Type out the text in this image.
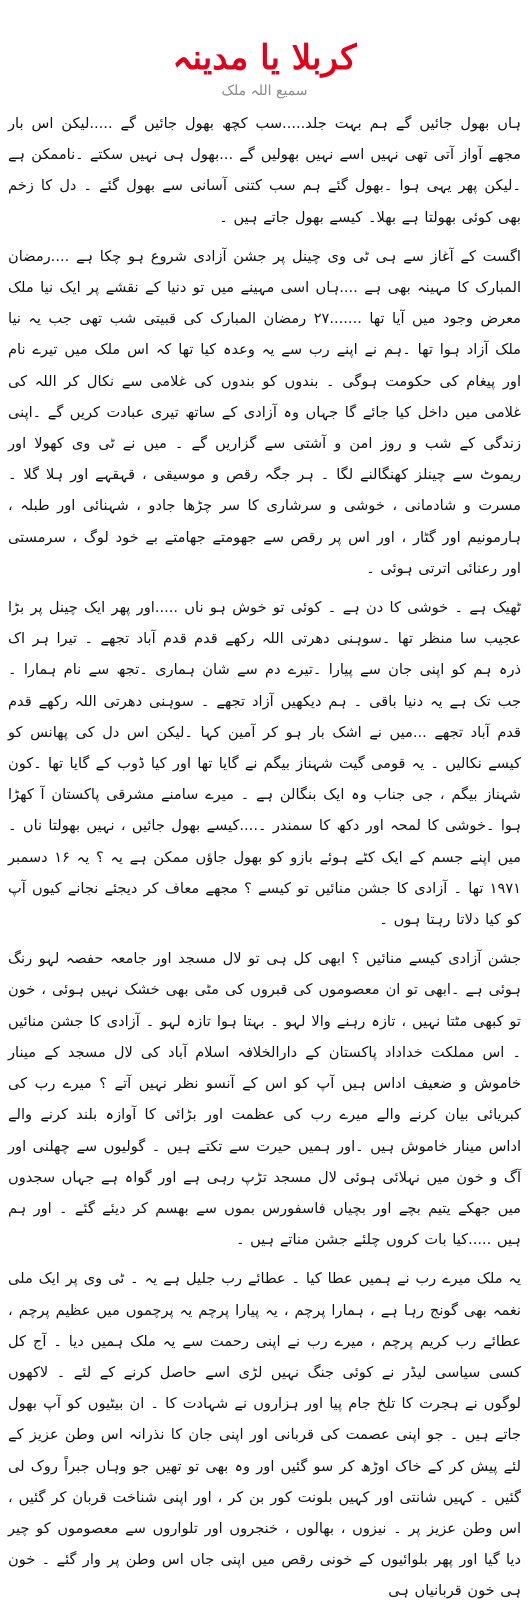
کربلا یا مدینہ
سمیع اللہ ملک

ہاں بھول جائیں گے ہم بہت جلد.....سب کچھ بھول جائیں گے .....لیکن اس بار مجھے آواز آتی تھی نہیں اسے نہیں بھولیں گے ...بھول ہی نہیں سکتے ۔ناممکن ہے ۔لیکن پھر یہی ہوا ۔بھول گئے ہم سب کتنی آسانی سے بھول گئے ۔ دل کا زخم بھی کوئی بھولتا ہے بھلا۔ کیسے بھول جاتے ہیں ۔

اگست کے آغاز سے ہی ٹی وی چینل پر جشن آزادی شروع ہو چکا ہے ....رمضان المبارک کا مہینہ بھی ہے ....ہاں اسی مہینے میں تو دنیا کے نقشے پر ایک نیا ملک معرض وجود میں آیا تھا .......۲۷ رمضان المبارک کی قبیتی شب تھی جب یہ نیا ملک آزاد ہوا تھا ۔ہم نے اپنے رب سے یہ وعدہ کیا تھا کہ اس ملک میں تیرے نام اور پیغام کی حکومت ہوگی ۔ بندوں کو بندوں کی غلامی سے نکال کر اللہ کی غلامی میں داخل کیا جائے گا جہاں وہ آزادی کے ساتھ تیری عبادت کریں گے ۔اپنی زندگی کے شب و روز امن و آشتی سے گزاریں گے ۔ میں نے ٹی وی کھولا اور ریموٹ سے چینلز کھنگالنے لگا ۔ ہر جگہ رقص و موسیقی ، قہقہے اور ہلا گلا ۔ مسرت و شادمانی ، خوشی و سرشاری کا سر چڑھا جادو ، شہنائی اور طبلہ ، ہارمونیم اور گٹار ، اور اس پر رقص سے جھومتے جھامتے بے خود لوگ ، سرمستی اور رعنائی اترتی ہوئی ۔

ٹھیک ہے ۔ خوشی کا دن ہے ۔ کوئی تو خوش ہو ناں .....اور پھر ایک چینل پر بڑا عجیب سا منظر تھا ۔سوہنی دھرتی اللہ رکھے قدم قدم آباد تجھے ۔ تیرا ہر اک ذرہ ہم کو اپنی جان سے پیارا ۔تیرے دم سے شان ہماری ۔تجھ سے نام ہمارا ۔ جب تک ہے یہ دنیا باقی ۔ ہم دیکھیں آزاد تجھے ۔ سوہنی دھرتی اللہ رکھے قدم قدم آباد تجھے ...میں نے اشک بار ہو کر آمین کہا ۔لیکن اس دل کی پھانس کو کیسے نکالیں ۔ یہ قومی گیت شہناز بیگم نے گایا تھا اور کیا ڈوب کے گایا تھا ۔کون شہناز بیگم ، جی جناب وہ ایک بنگالن ہے ۔ میرے سامنے مشرقی پاکستان آ کھڑا ہوا ۔خوشی کا لمحہ اور دکھ کا سمندر ۔....کیسے بھول جائیں ، نہیں بھولتا ناں ۔ میں اپنے جسم کے ایک کٹے ہوئے بازو کو بھول جاؤں ممکن ہے یہ ؟ یہ ۱۶ دسمبر ۱۹۷۱ تھا ۔ آزادی کا جشن منائیں تو کیسے ؟ مجھے معاف کر دیجئے نجانے کیوں آپ کو کیا دلاتا رہتا ہوں ۔

جشن آزادی کیسے منائیں ؟ ابھی کل ہی تو لال مسجد اور جامعہ حفصہ لہو رنگ ہوئی ہے ۔ابھی تو ان معصوموں کی قبروں کی مٹی بھی خشک نہیں ہوئی ، خون تو کبھی مٹتا نہیں ، تازہ رہنے والا لہو ۔ بہتا ہوا تازہ لہو ۔ آزادی کا جشن منائیں ۔ اس مملکت خداداد پاکستان کے دارالخلافہ اسلام آباد کی لال مسجد کے مینار خاموش و ضعیف اداس ہیں آپ کو اس کے آنسو نظر نہیں آتے ؟ میرے رب کی کبریائی بیان کرنے والے میرے رب کی عظمت اور بڑائی کا آوازہ بلند کرنے والے اداس مینار خاموش ہیں ۔اور ہمیں حیرت سے تکتے ہیں ۔ گولیوں سے چھلنی اور آگ و خون میں نہلائی ہوئی لال مسجد تڑپ رہی ہے اور گواہ ہے جہاں سجدوں میں جھکے یتیم بچے اور بچیاں فاسفورس بموں سے بھسم کر دیئے گئے ۔ اور ہم ہیں .....کیا بات کروں چلئے جشن مناتے ہیں ۔

یہ ملک میرے رب نے ہمیں عطا کیا ۔ عطائے رب جلیل ہے یہ ۔ ٹی وی پر ایک ملی نغمہ بھی گونج رہا ہے ، ہمارا پرچم ، یہ پیارا پرچم یہ پرچموں میں عظیم پرچم ، عطائے رب کریم پرچم ، میرے رب نے اپنی رحمت سے یہ ملک ہمیں دیا ۔ آج کل کسی سیاسی لیڈر نے کوئی جنگ نہیں لڑی اسے حاصل کرنے کے لئے ۔ لاکھوں لوگوں نے ہجرت کا تلخ جام پیا اور ہزاروں نے شہادت کا ۔ ان بیٹیوں کو آپ بھول جاتے ہیں ۔ جو اپنی عصمت کی قربانی اور اپنی جان کا نذرانہ اس وطن عزیز کے لئے پیش کر کے خاک اوڑھ کر سو گئیں اور وہ بھی تو تھیں جو وہاں جبراً روک لی گئیں ۔ کہیں شانتی اور کہیں بلونت کور بن کر ، اور اپنی شناخت قربان کر گئیں ، اس وطن عزیز پر ۔ نیزوں ، بھالوں ، خنجروں اور تلواروں سے معصوموں کو چیر دیا گیا اور پھر بلوائیوں کے خونی رقص میں اپنی جاں اس وطن پر وار گئے ۔ خون ہی خون قربانیاں ہی
